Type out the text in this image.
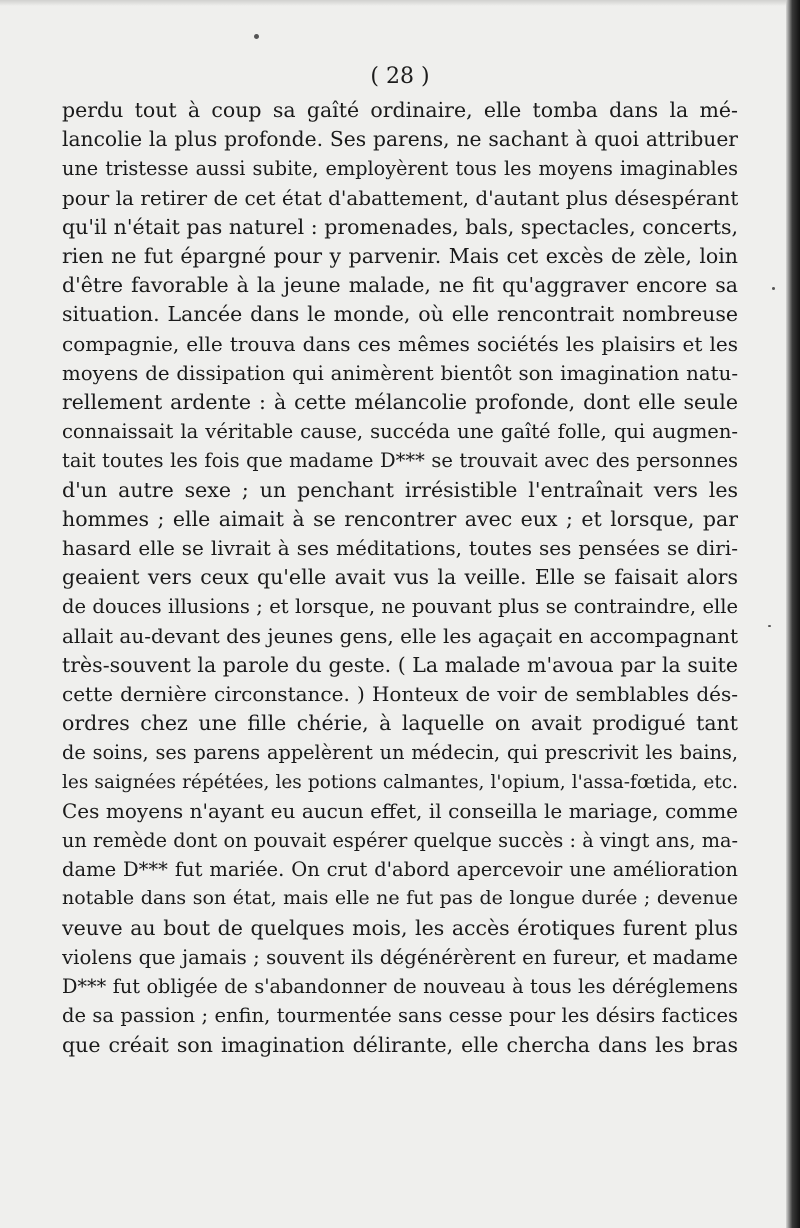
( 28 )

perdu tout à coup sa gaîté ordinaire, elle tomba dans la mé-
lancolie la plus profonde. Ses parens, ne sachant à quoi attribuer
une tristesse aussi subite, employèrent tous les moyens imaginables
pour la retirer de cet état d'abattement, d'autant plus désespérant
qu'il n'était pas naturel : promenades, bals, spectacles, concerts,
rien ne fut épargné pour y parvenir. Mais cet excès de zèle, loin
d'être favorable à la jeune malade, ne fit qu'aggraver encore sa
situation. Lancée dans le monde, où elle rencontrait nombreuse
compagnie, elle trouva dans ces mêmes sociétés les plaisirs et les
moyens de dissipation qui animèrent bientôt son imagination natu-
rellement ardente : à cette mélancolie profonde, dont elle seule
connaissait la véritable cause, succéda une gaîté folle, qui augmen-
tait toutes les fois que madame D*** se trouvait avec des personnes
d'un autre sexe ; un penchant irrésistible l'entraînait vers les
hommes ; elle aimait à se rencontrer avec eux ; et lorsque, par
hasard elle se livrait à ses méditations, toutes ses pensées se diri-
geaient vers ceux qu'elle avait vus la veille. Elle se faisait alors
de douces illusions ; et lorsque, ne pouvant plus se contraindre, elle
allait au-devant des jeunes gens, elle les agaçait en accompagnant
très-souvent la parole du geste. ( La malade m'avoua par la suite
cette dernière circonstance. ) Honteux de voir de semblables dés-
ordres chez une fille chérie, à laquelle on avait prodigué tant
de soins, ses parens appelèrent un médecin, qui prescrivit les bains,
les saignées répétées, les potions calmantes, l'opium, l'assa-fœtida, etc.
Ces moyens n'ayant eu aucun effet, il conseilla le mariage, comme
un remède dont on pouvait espérer quelque succès : à vingt ans, ma-
dame D*** fut mariée. On crut d'abord apercevoir une amélioration
notable dans son état, mais elle ne fut pas de longue durée ; devenue
veuve au bout de quelques mois, les accès érotiques furent plus
violens que jamais ; souvent ils dégénérèrent en fureur, et madame
D*** fut obligée de s'abandonner de nouveau à tous les déréglemens
de sa passion ; enfin, tourmentée sans cesse pour les désirs factices
que créait son imagination délirante, elle chercha dans les bras
